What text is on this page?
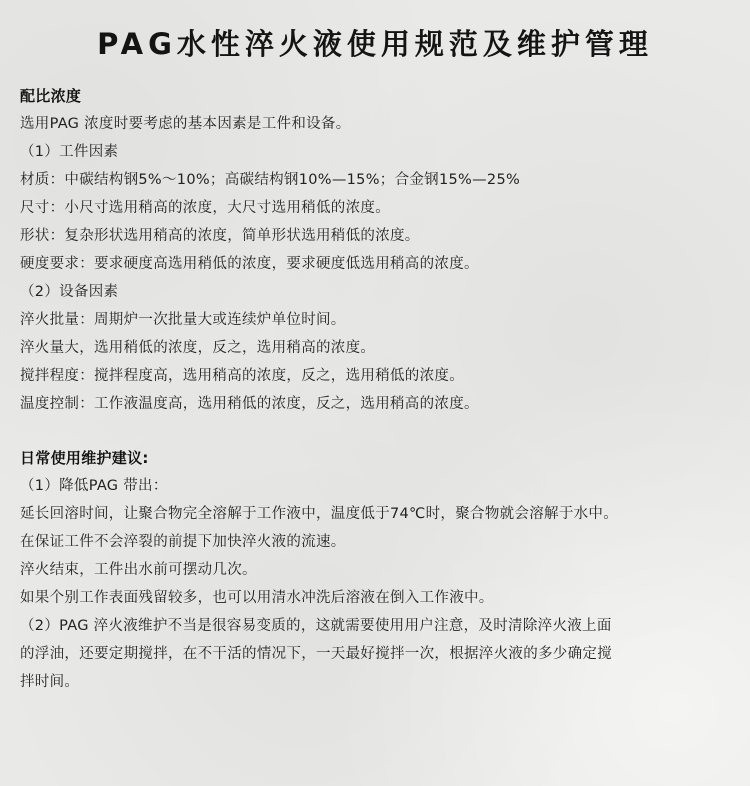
PAG水性淬火液使用规范及维护管理
配比浓度
选用PAG 浓度时要考虑的基本因素是工件和设备。
（1）工件因素
材质：中碳结构钢5%～10%；高碳结构钢10%—15%；合金钢15%—25%
尺寸：小尺寸选用稍高的浓度，大尺寸选用稍低的浓度。
形状：复杂形状选用稍高的浓度，简单形状选用稍低的浓度。
硬度要求：要求硬度高选用稍低的浓度，要求硬度低选用稍高的浓度。
（2）设备因素
淬火批量：周期炉一次批量大或连续炉单位时间。
淬火量大，选用稍低的浓度，反之，选用稍高的浓度。
搅拌程度：搅拌程度高，选用稍高的浓度，反之，选用稍低的浓度。
温度控制：工作液温度高，选用稍低的浓度，反之，选用稍高的浓度。
日常使用维护建议:
（1）降低PAG 带出：
延长回溶时间，让聚合物完全溶解于工作液中，温度低于74℃时，聚合物就会溶解于水中。
在保证工件不会淬裂的前提下加快淬火液的流速。
淬火结束，工件出水前可摆动几次。
如果个别工作表面残留较多，也可以用清水冲洗后溶液在倒入工作液中。
（2）PAG 淬火液维护不当是很容易变质的，这就需要使用用户注意，及时清除淬火液上面
的浮油，还要定期搅拌，在不干活的情况下，一天最好搅拌一次，根据淬火液的多少确定搅
拌时间。
